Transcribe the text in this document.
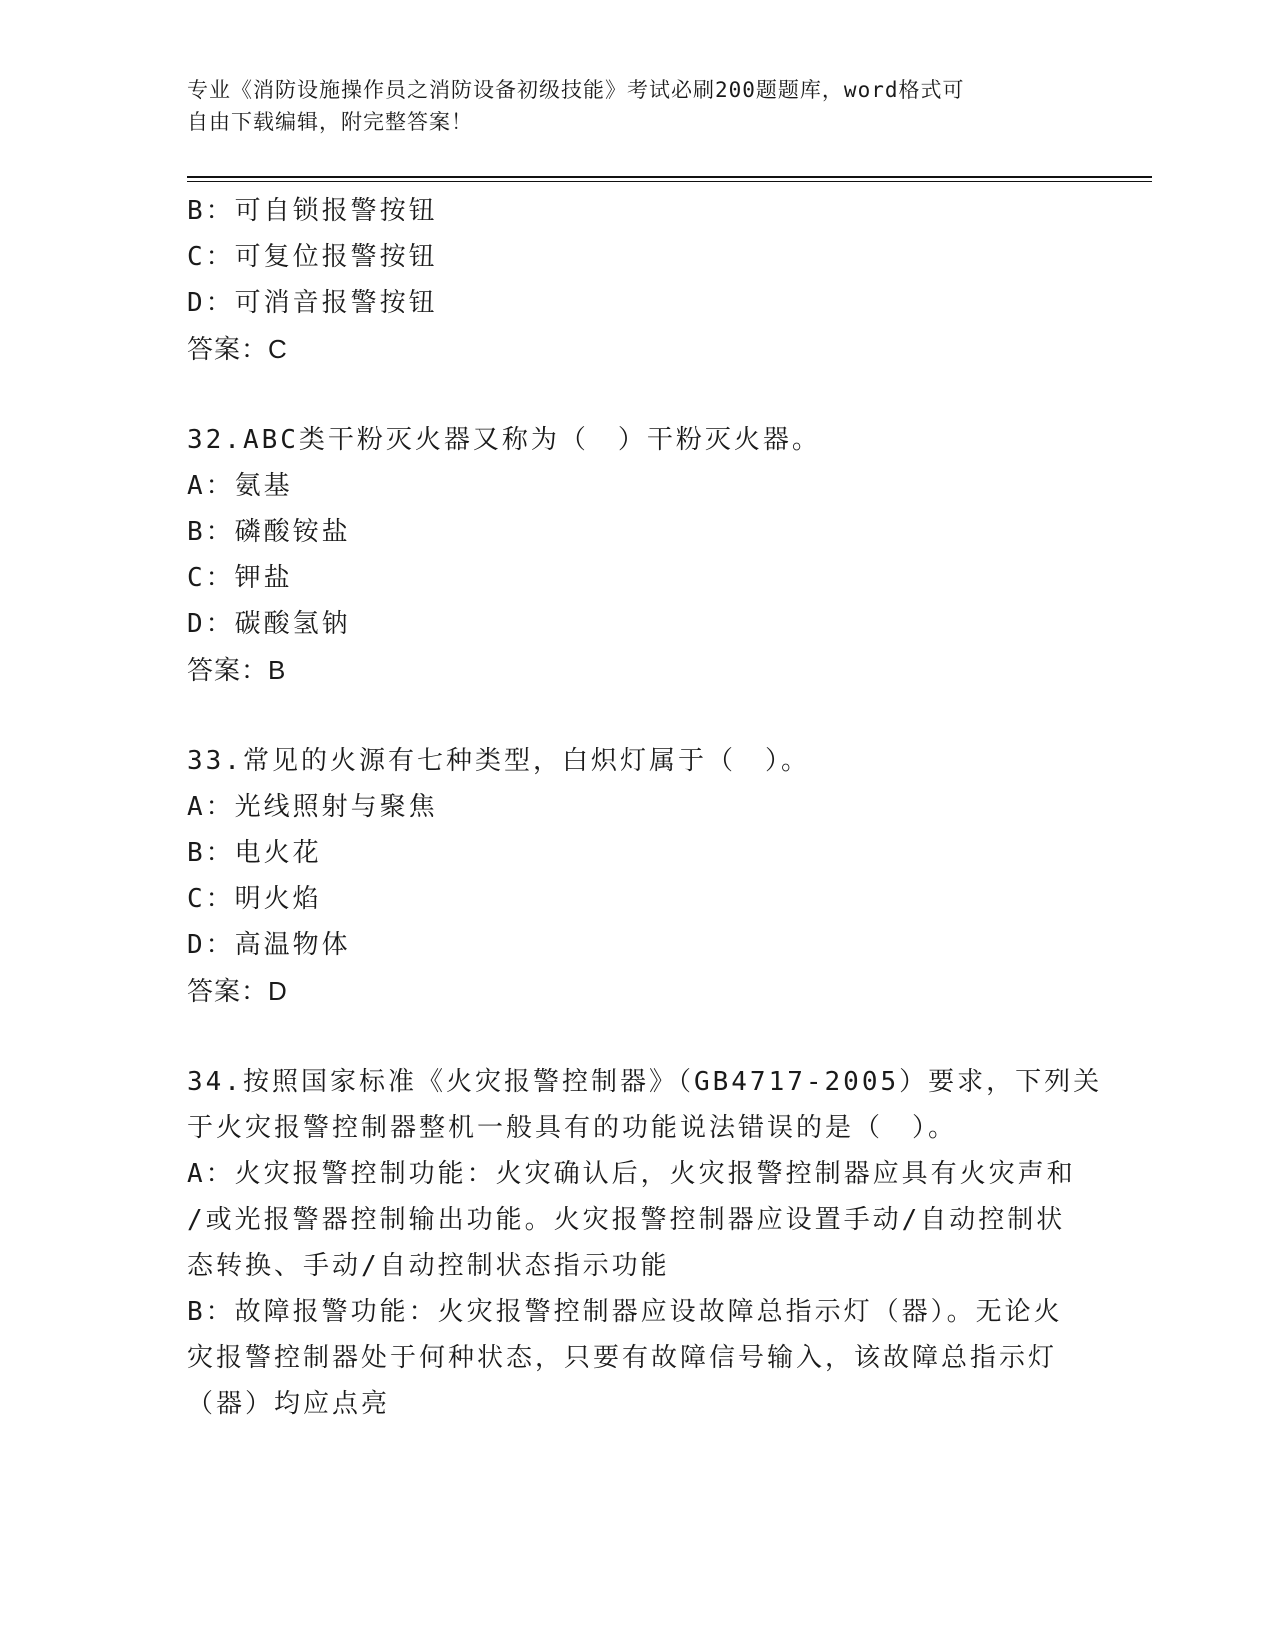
专业《消防设施操作员之消防设备初级技能》考试必刷200题题库，word格式可
自由下载编辑，附完整答案！
B：可自锁报警按钮
C：可复位报警按钮
D：可消音报警按钮
答案：C
32.ABC类干粉灭火器又称为（　）干粉灭火器。
A：氨基
B：磷酸铵盐
C：钾盐
D：碳酸氢钠
答案：B
33.常见的火源有七种类型，白炽灯属于（　）。
A：光线照射与聚焦
B：电火花
C：明火焰
D：高温物体
答案：D
34.按照国家标准《火灾报警控制器》（GB4717-2005）要求，下列关
于火灾报警控制器整机一般具有的功能说法错误的是（　）。
A：火灾报警控制功能：火灾确认后，火灾报警控制器应具有火灾声和
/或光报警器控制输出功能。火灾报警控制器应设置手动/自动控制状
态转换、手动/自动控制状态指示功能
B：故障报警功能：火灾报警控制器应设故障总指示灯（器）。无论火
灾报警控制器处于何种状态，只要有故障信号输入，该故障总指示灯
（器）均应点亮
